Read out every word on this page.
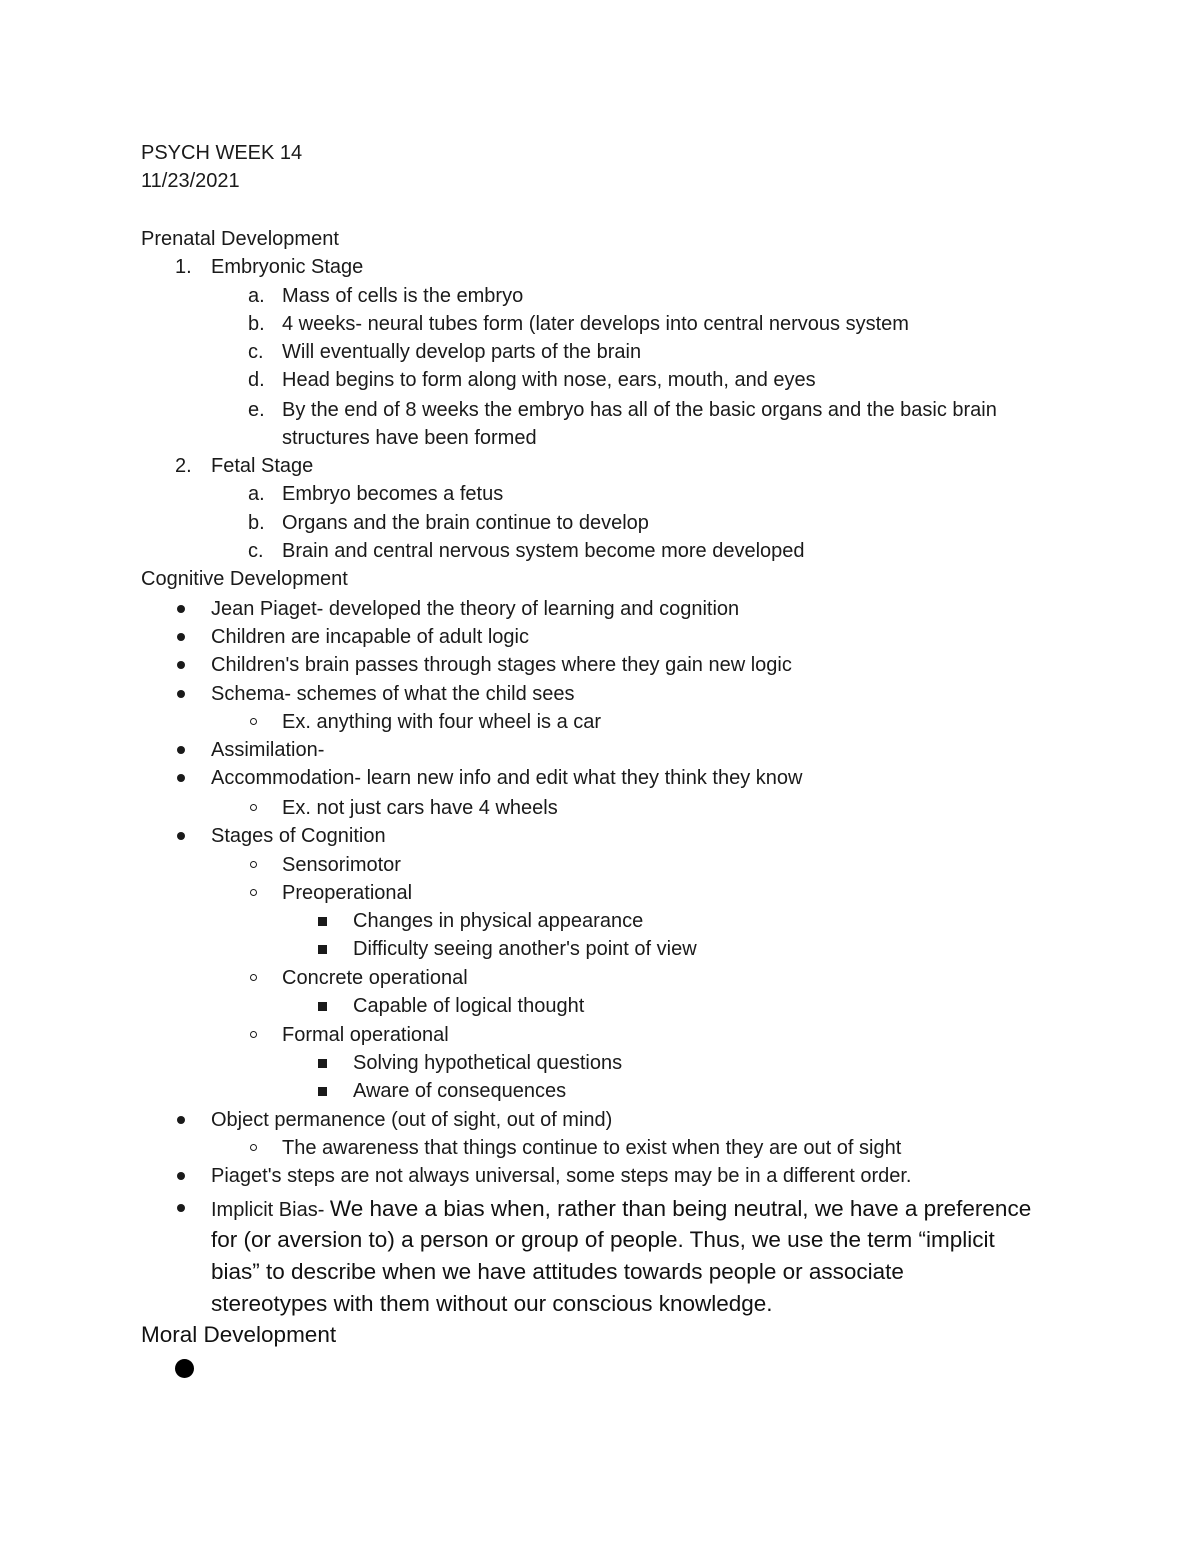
PSYCH WEEK 14
11/23/2021
Prenatal Development
1. Embryonic Stage
a. Mass of cells is the embryo
b. 4 weeks- neural tubes form (later develops into central nervous system
c. Will eventually develop parts of the brain
d. Head begins to form along with nose, ears, mouth, and eyes
e. By the end of 8 weeks the embryo has all of the basic organs and the basic brain
structures have been formed
2. Fetal Stage
a. Embryo becomes a fetus
b. Organs and the brain continue to develop
c. Brain and central nervous system become more developed
Cognitive Development
Jean Piaget- developed the theory of learning and cognition
Children are incapable of adult logic
Children's brain passes through stages where they gain new logic
Schema- schemes of what the child sees
Ex. anything with four wheel is a car
Assimilation-
Accommodation- learn new info and edit what they think they know
Ex. not just cars have 4 wheels
Stages of Cognition
Sensorimotor
Preoperational
Changes in physical appearance
Difficulty seeing another's point of view
Concrete operational
Capable of logical thought
Formal operational
Solving hypothetical questions
Aware of consequences
Object permanence (out of sight, out of mind)
The awareness that things continue to exist when they are out of sight
Piaget's steps are not always universal, some steps may be in a different order.
Implicit Bias- We have a bias when, rather than being neutral, we have a preference
for (or aversion to) a person or group of people. Thus, we use the term “implicit
bias” to describe when we have attitudes towards people or associate
stereotypes with them without our conscious knowledge.
Moral Development
